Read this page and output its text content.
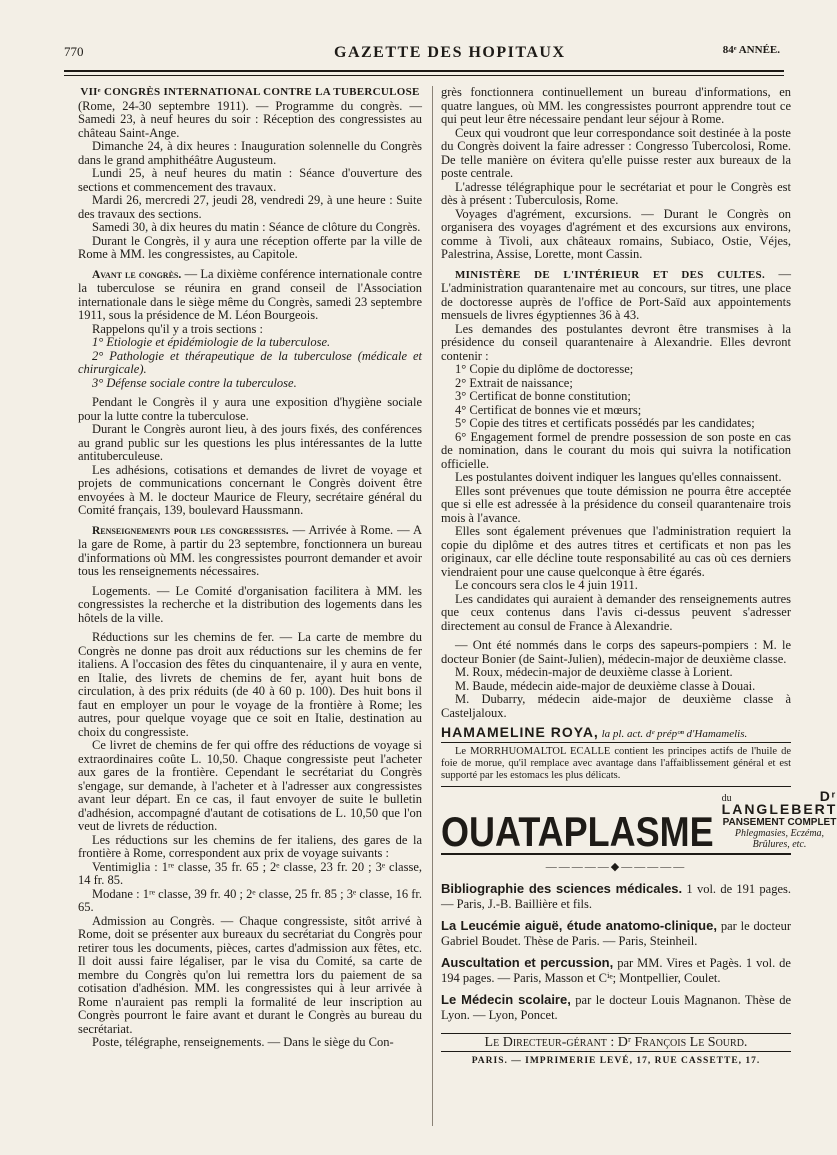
770	GAZETTE DES HOPITAUX	84ᵉ ANNÉE.

VIIᵉ CONGRÈS INTERNATIONAL CONTRE LA TUBERCULOSE

(Rome, 24-30 septembre 1911). — Programme du congrès. — Samedi 23, à neuf heures du soir : Réception des congressistes au château Saint-Ange.

Dimanche 24, à dix heures : Inauguration solennelle du Congrès dans le grand amphithéâtre Augusteum.

Lundi 25, à neuf heures du matin : Séance d'ouverture des sections et commencement des travaux.

Mardi 26, mercredi 27, jeudi 28, vendredi 29, à une heure : Suite des travaux des sections.

Samedi 30, à dix heures du matin : Séance de clôture du Congrès.

Durant le Congrès, il y aura une réception offerte par la ville de Rome à MM. les congressistes, au Capitole.

Avant le congrès. — La dixième conférence internationale contre la tuberculose se réunira en grand conseil de l'Association internationale dans le siège même du Congrès, samedi 23 septembre 1911, sous la présidence de M. Léon Bourgeois.

Rappelons qu'il y a trois sections :

1° Etiologie et épidémiologie de la tuberculose.

2° Pathologie et thérapeutique de la tuberculose (médicale et chirurgicale).

3° Défense sociale contre la tuberculose.

Pendant le Congrès il y aura une exposition d'hygiène sociale pour la lutte contre la tuberculose.

Durant le Congrès auront lieu, à des jours fixés, des conférences au grand public sur les questions les plus intéressantes de la lutte antituberculeuse.

Les adhésions, cotisations et demandes de livret de voyage et projets de communications concernant le Congrès doivent être envoyées à M. le docteur Maurice de Fleury, secrétaire général du Comité français, 139, boulevard Haussmann.

Renseignements pour les congressistes. — Arrivée à Rome. — A la gare de Rome, à partir du 23 septembre, fonctionnera un bureau d'informations où MM. les congressistes pourront demander et avoir tous les renseignements nécessaires.

Logements. — Le Comité d'organisation facilitera à MM. les congressistes la recherche et la distribution des logements dans les hôtels de la ville.

Réductions sur les chemins de fer. — La carte de membre du Congrès ne donne pas droit aux réductions sur les chemins de fer italiens. A l'occasion des fêtes du cinquantenaire, il y aura en vente, en Italie, des livrets de chemins de fer, ayant huit bons de circulation, à des prix réduits (de 40 à 60 p. 100). Des huit bons il faut en employer un pour le voyage de la frontière à Rome; les autres, pour quelque voyage que ce soit en Italie, destination au choix du congressiste.

Ce livret de chemins de fer qui offre des réductions de voyage si extraordinaires coûte L. 10,50. Chaque congressiste peut l'acheter aux gares de la frontière. Cependant le secrétariat du Congrès s'engage, sur demande, à l'acheter et à l'adresser aux congressistes avant leur départ. En ce cas, il faut envoyer de suite le bulletin d'adhésion, accompagné d'autant de cotisations de L. 10,50 que l'on veut de livrets de réduction.

Les réductions sur les chemins de fer italiens, des gares de la frontière à Rome, correspondent aux prix de voyage suivants :

Ventimiglia : 1ʳᵉ classe, 35 fr. 65 ; 2ᵉ classe, 23 fr. 20 ; 3ᵉ classe, 14 fr. 85.

Modane : 1ʳᵉ classe, 39 fr. 40 ; 2ᵉ classe, 25 fr. 85 ; 3ᵉ classe, 16 fr. 65.

Admission au Congrès. — Chaque congressiste, sitôt arrivé à Rome, doit se présenter aux bureaux du secrétariat du Congrès pour retirer tous les documents, pièces, cartes d'admission aux fêtes, etc. Il doit aussi faire légaliser, par le visa du Comité, sa carte de membre du Congrès qu'on lui remettra lors du paiement de sa cotisation d'adhésion. MM. les congressistes qui à leur arrivée à Rome n'auraient pas rempli la formalité de leur inscription au Congrès pourront le faire avant et durant le Congrès au bureau du secrétariat.

Poste, télégraphe, renseignements. — Dans le siège du Con-

grès fonctionnera continuellement un bureau d'informations, en quatre langues, où MM. les congressistes pourront apprendre tout ce qui peut leur être nécessaire pendant leur séjour à Rome.

Ceux qui voudront que leur correspondance soit destinée à la poste du Congrès doivent la faire adresser : Congresso Tubercolosi, Rome. De telle manière on évitera qu'elle puisse rester aux bureaux de la poste centrale.

L'adresse télégraphique pour le secrétariat et pour le Congrès est dès à présent : Tuberculosis, Rome.

Voyages d'agrément, excursions. — Durant le Congrès on organisera des voyages d'agrément et des excursions aux environs, comme à Tivoli, aux châteaux romains, Subiaco, Ostie, Véjes, Palestrina, Assise, Lorette, mont Cassin.

MINISTÈRE DE L'INTÉRIEUR ET DES CULTES. — L'administration quarantenaire met au concours, sur titres, une place de doctoresse auprès de l'office de Port-Saïd aux appointements mensuels de livres égyptiennes 36 à 43.

Les demandes des postulantes devront être transmises à la présidence du conseil quarantenaire à Alexandrie. Elles devront contenir :

1° Copie du diplôme de doctoresse;

2° Extrait de naissance;

3° Certificat de bonne constitution;

4° Certificat de bonnes vie et mœurs;

5° Copie des titres et certificats possédés par les candidates;

6° Engagement formel de prendre possession de son poste en cas de nomination, dans le courant du mois qui suivra la notification officielle.

Les postulantes doivent indiquer les langues qu'elles connaissent.

Elles sont prévenues que toute démission ne pourra être acceptée que si elle est adressée à la présidence du conseil quarantenaire trois mois à l'avance.

Elles sont également prévenues que l'administration requiert la copie du diplôme et des autres titres et certificats et non pas les originaux, car elle décline toute responsabilité au cas où ces derniers viendraient pour une cause quelconque à être égarés.

Le concours sera clos le 4 juin 1911.

Les candidates qui auraient à demander des renseignements autres que ceux contenus dans l'avis ci-dessus peuvent s'adresser directement au consul de France à Alexandrie.

— Ont été nommés dans le corps des sapeurs-pompiers : M. le docteur Bonier (de Saint-Julien), médecin-major de deuxième classe.

M. Roux, médecin-major de deuxième classe à Lorient.

M. Baude, médecin aide-major de deuxième classe à Douai.

M. Dubarry, médecin aide-major de deuxième classe à Casteljaloux.

HAMAMELINE ROYA, la pl. act. dᵉ prépᵒⁿ d'Hamamelis.

Le MORRHUOMALTOL ECALLE contient les principes actifs de l'huile de foie de morue, qu'il remplace avec avantage dans l'affaiblissement général et est supporté par les estomacs les plus délicats.

OUATAPLASME
du	Dʳ LANGLEBERT
PANSEMENT COMPLET
Phlegmasies, Eczéma, Brûlures, etc.
—————◆—————

Bibliographie des sciences médicales. 1 vol. de 191 pages. — Paris, J.-B. Baillière et fils.

La Leucémie aiguë, étude anatomo-clinique, par le docteur Gabriel Boudet. Thèse de Paris. — Paris, Steinheil.

Auscultation et percussion, par MM. Vires et Pagès. 1 vol. de 194 pages. — Paris, Masson et Cⁱᵉ; Montpellier, Coulet.

Le Médecin scolaire, par le docteur Louis Magnanon. Thèse de Lyon. — Lyon, Poncet.

Le Directeur-gérant : Dʳ François Le Sourd.
PARIS. — IMPRIMERIE LEVÉ, 17, RUE CASSETTE, 17.
